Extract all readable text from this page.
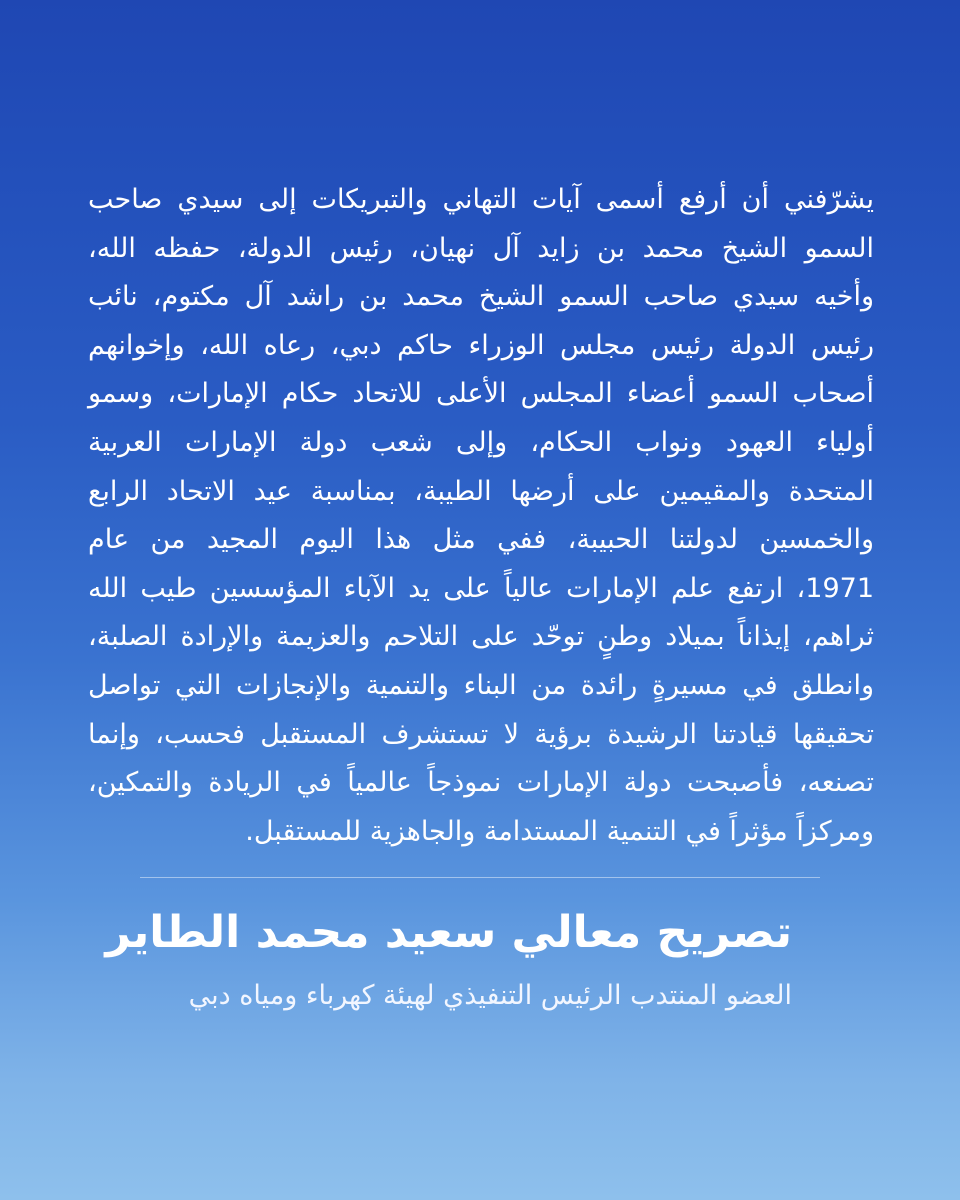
يشرّفني أن أرفع أسمى آيات التهاني والتبريكات إلى سيدي صاحب
السمو الشيخ محمد بن زايد آل نهيان، رئيس الدولة، حفظه الله،
وأخيه سيدي صاحب السمو الشيخ محمد بن راشد آل مكتوم، نائب
رئيس الدولة رئيس مجلس الوزراء حاكم دبي، رعاه الله، وإخوانهم
أصحاب السمو أعضاء المجلس الأعلى للاتحاد حكام الإمارات، وسمو
أولياء العهود ونواب الحكام، وإلى شعب دولة الإمارات العربية
المتحدة والمقيمين على أرضها الطيبة، بمناسبة عيد الاتحاد الرابع
والخمسين لدولتنا الحبيبة، ففي مثل هذا اليوم المجيد من عام
1971، ارتفع علم الإمارات عالياً على يد الآباء المؤسسين طيب الله
ثراهم، إيذاناً بميلاد وطنٍ توحّد على التلاحم والعزيمة والإرادة الصلبة،
وانطلق في مسيرةٍ رائدة من البناء والتنمية والإنجازات التي تواصل
تحقيقها قيادتنا الرشيدة برؤية لا تستشرف المستقبل فحسب، وإنما
تصنعه، فأصبحت دولة الإمارات نموذجاً عالمياً في الريادة والتمكين،
ومركزاً مؤثراً في التنمية المستدامة والجاهزية للمستقبل.
تصريح معالي سعيد محمد الطاير
العضو المنتدب الرئيس التنفيذي لهيئة كهرباء ومياه دبي
